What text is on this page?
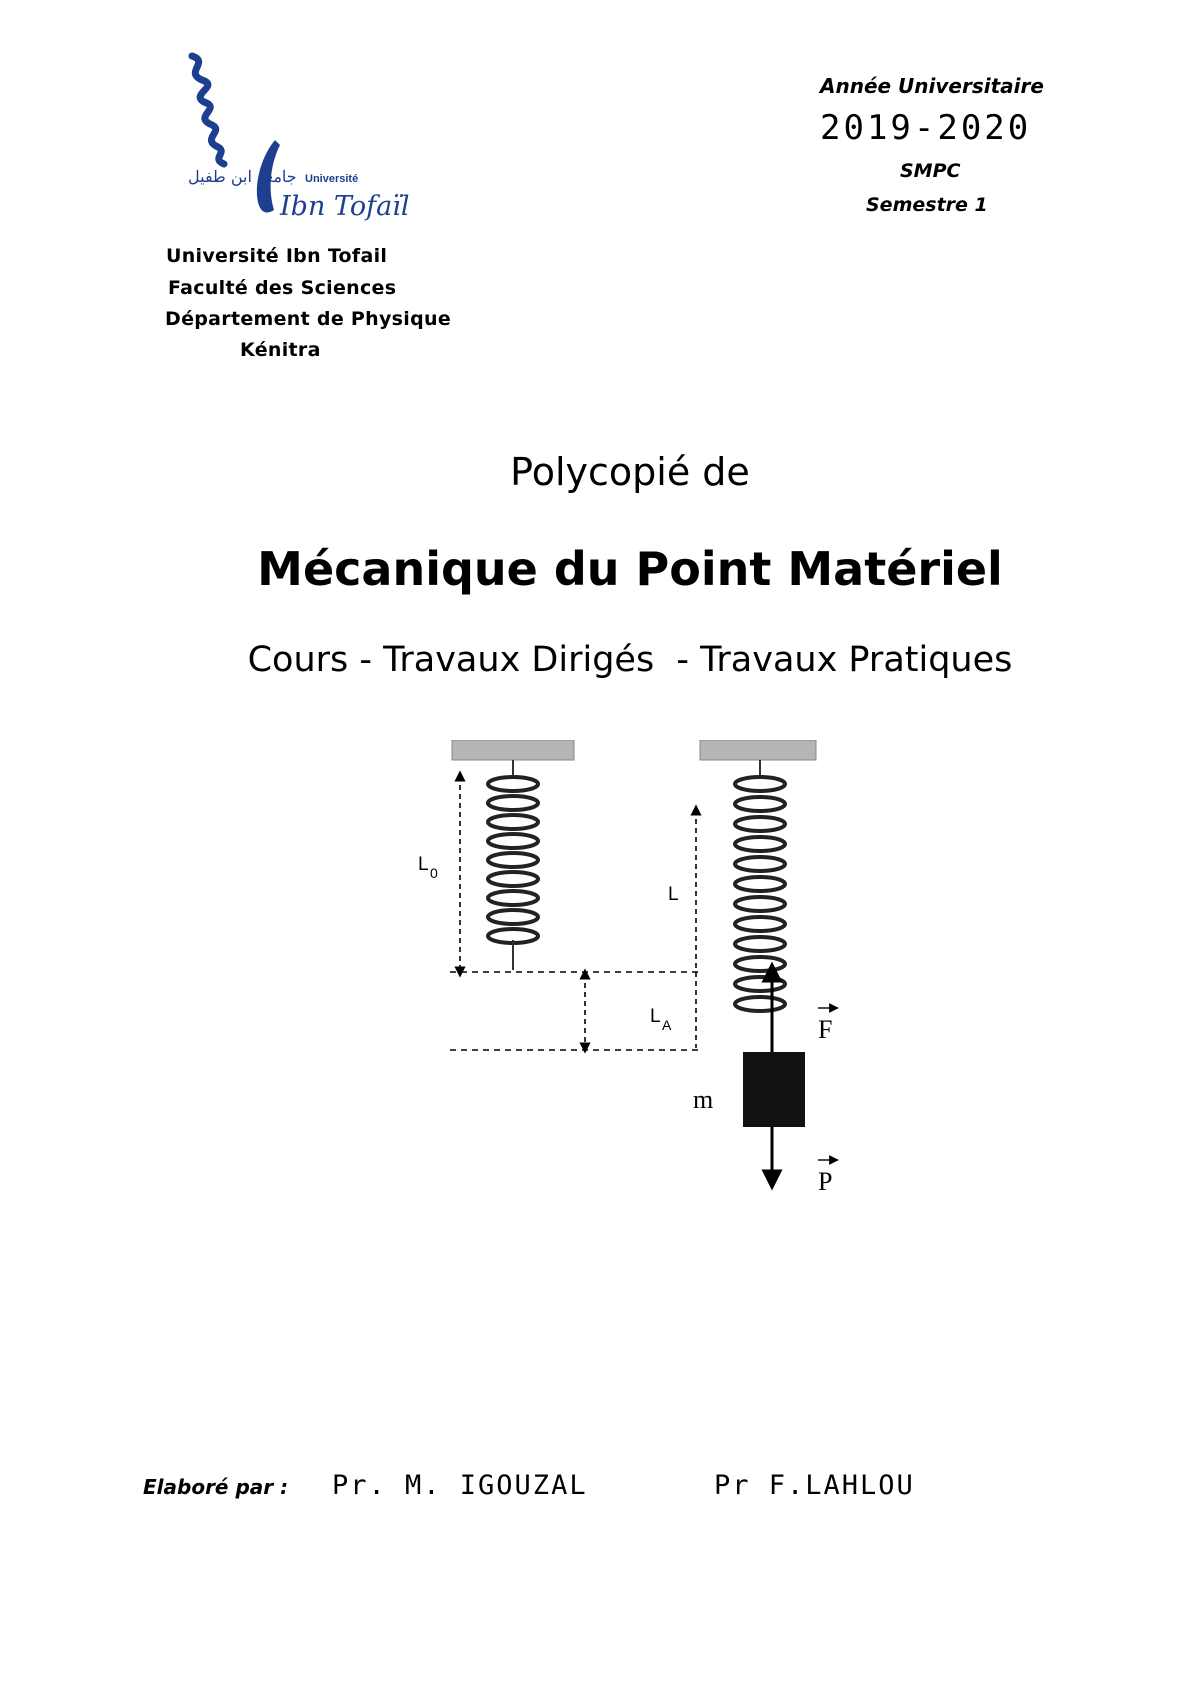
جامعة ابن طفيل Université
Ibn Tofaïl
Université Ibn Tofail
Faculté des Sciences
Département de Physique
Kénitra
Année Universitaire
2019-2020
SMPC
Semestre 1
Polycopié de
Mécanique du Point Matériel
Cours - Travaux Dirigés  - Travaux Pratiques
L 0
L
L A
m
F
P
Elaboré par : Pr. M. IGOUZAL	Pr F.LAHLOU
